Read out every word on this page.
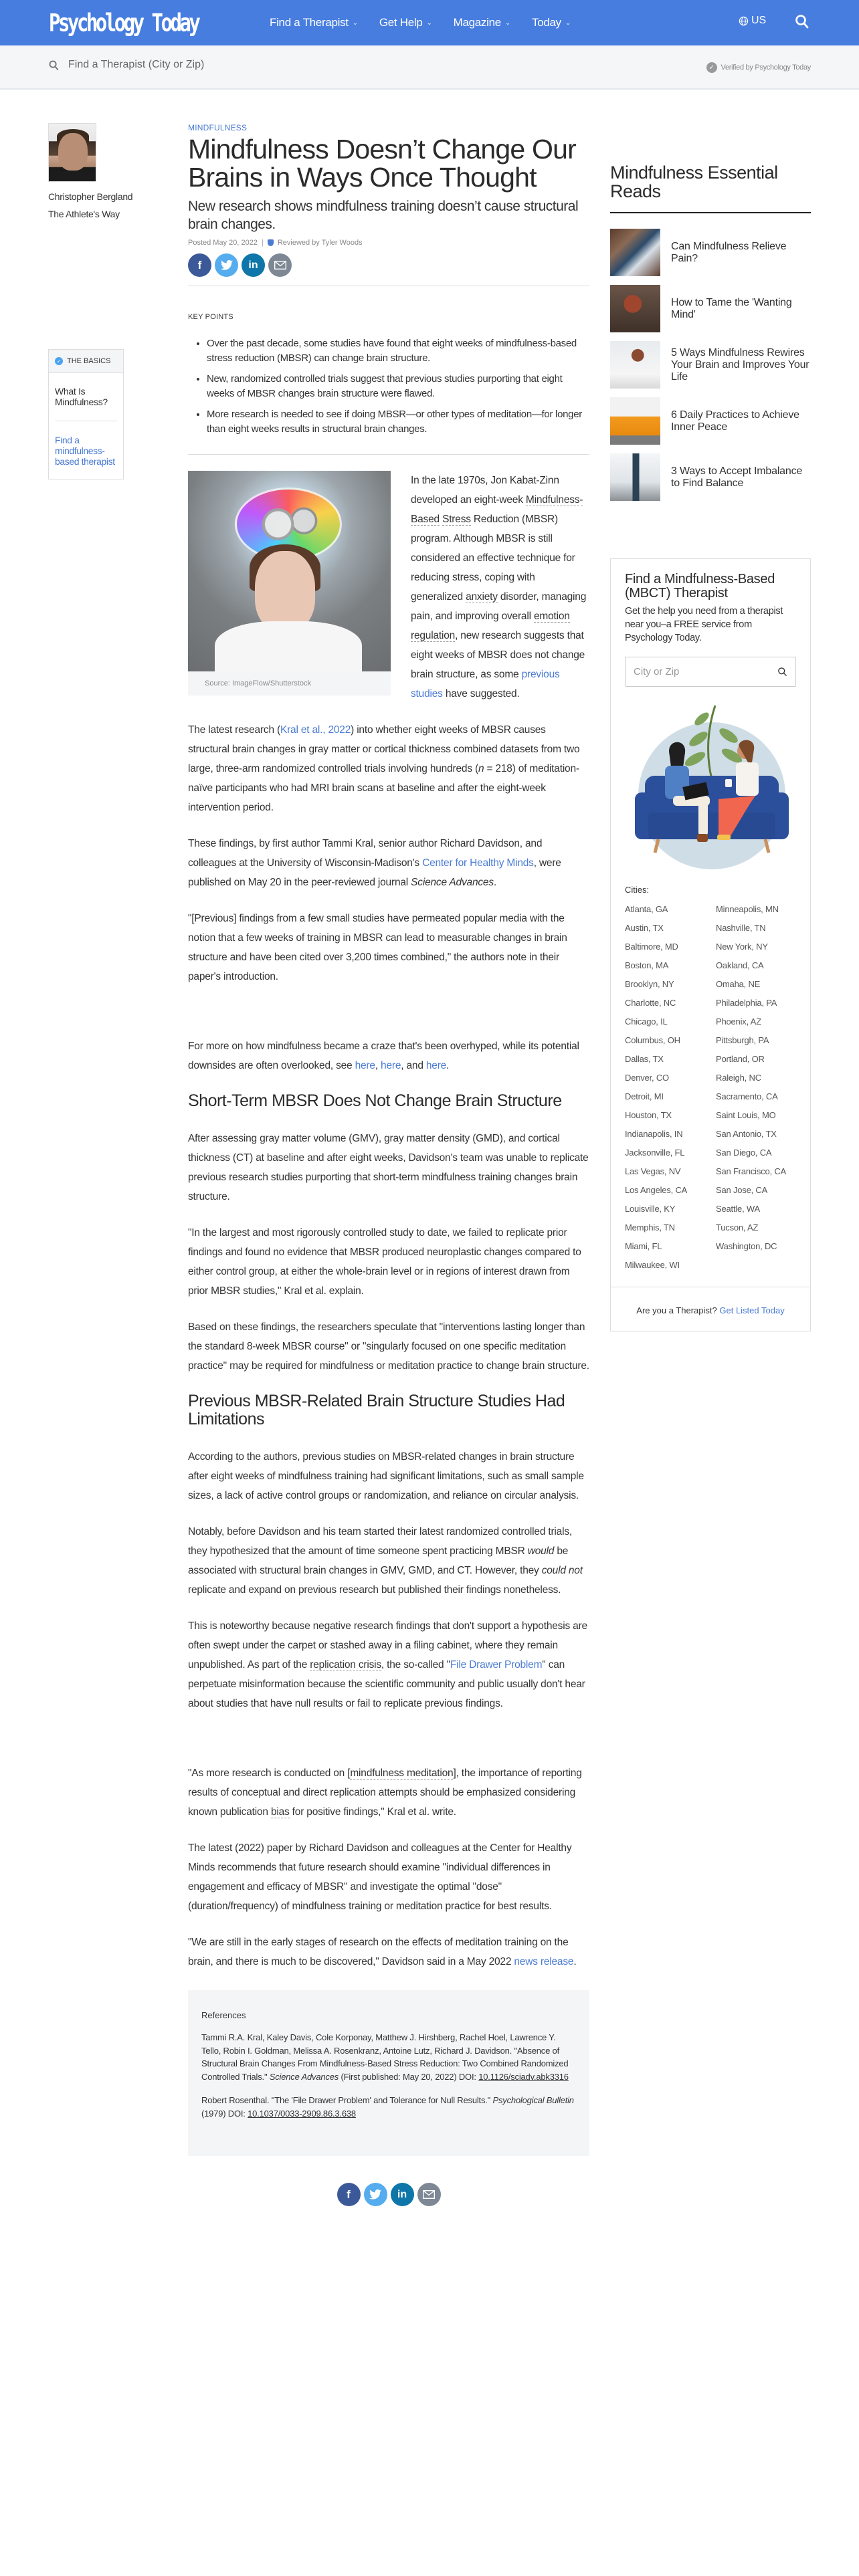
Psychology Today	Find a Therapist ⌄ Get Help ⌄ Magazine ⌄ Today ⌄	US
Find a Therapist (City or Zip)	✓ Verified by Psychology Today
Christopher Bergland
The Athlete's Way
✓ THE BASICS
What Is Mindfulness?
Find a mindfulness-based therapist
MINDFULNESS
Mindfulness Doesn’t Change Our Brains in Ways Once Thought
New research shows mindfulness training doesn’t cause structural brain changes.
Posted May 20, 2022 | Reviewed by Tyler Woods
f	in
KEY POINTS
• Over the past decade, some studies have found that eight weeks of mindfulness-based stress reduction (MBSR) can change brain structure.
• New, randomized controlled trials suggest that previous studies purporting that eight weeks of MBSR changes brain structure were flawed.
• More research is needed to see if doing MBSR—or other types of meditation—for longer than eight weeks results in structural brain changes.
Source: ImageFlow/Shutterstock

In the late 1970s, Jon Kabat-Zinn developed an eight-week Mindfulness-Based Stress Reduction (MBSR) program. Although MBSR is still considered an effective technique for reducing stress, coping with generalized anxiety disorder, managing pain, and improving overall emotion regulation, new research suggests that eight weeks of MBSR does not change brain structure, as some previous studies have suggested.

The latest research (Kral et al., 2022) into whether eight weeks of MBSR causes structural brain changes in gray matter or cortical thickness combined datasets from two large, three-arm randomized controlled trials involving hundreds (n = 218) of meditation-naïve participants who had MRI brain scans at baseline and after the eight-week intervention period.

These findings, by first author Tammi Kral, senior author Richard Davidson, and colleagues at the University of Wisconsin-Madison's Center for Healthy Minds, were published on May 20 in the peer-reviewed journal Science Advances.

"[Previous] findings from a few small studies have permeated popular media with the notion that a few weeks of training in MBSR can lead to measurable changes in brain structure and have been cited over 3,200 times combined," the authors note in their paper's introduction.

For more on how mindfulness became a craze that's been overhyped, while its potential downsides are often overlooked, see here, here, and here.

Short-Term MBSR Does Not Change Brain Structure

After assessing gray matter volume (GMV), gray matter density (GMD), and cortical thickness (CT) at baseline and after eight weeks, Davidson's team was unable to replicate previous research studies purporting that short-term mindfulness training changes brain structure.

"In the largest and most rigorously controlled study to date, we failed to replicate prior findings and found no evidence that MBSR produced neuroplastic changes compared to either control group, at either the whole-brain level or in regions of interest drawn from prior MBSR studies," Kral et al. explain.

Based on these findings, the researchers speculate that "interventions lasting longer than the standard 8-week MBSR course" or "singularly focused on one specific meditation practice" may be required for mindfulness or meditation practice to change brain structure.

Previous MBSR-Related Brain Structure Studies Had Limitations

According to the authors, previous studies on MBSR-related changes in brain structure after eight weeks of mindfulness training had significant limitations, such as small sample sizes, a lack of active control groups or randomization, and reliance on circular analysis.

Notably, before Davidson and his team started their latest randomized controlled trials, they hypothesized that the amount of time someone spent practicing MBSR would be associated with structural brain changes in GMV, GMD, and CT. However, they could not replicate and expand on previous research but published their findings nonetheless.

This is noteworthy because negative research findings that don't support a hypothesis are often swept under the carpet or stashed away in a filing cabinet, where they remain unpublished. As part of the replication crisis, the so-called "File Drawer Problem" can perpetuate misinformation because the scientific community and public usually don't hear about studies that have null results or fail to replicate previous findings.

"As more research is conducted on [mindfulness meditation], the importance of reporting results of conceptual and direct replication attempts should be emphasized considering known publication bias for positive findings," Kral et al. write.

The latest (2022) paper by Richard Davidson and colleagues at the Center for Healthy Minds recommends that future research should examine "individual differences in engagement and efficacy of MBSR" and investigate the optimal "dose" (duration/frequency) of mindfulness training or meditation practice for best results.

"We are still in the early stages of research on the effects of meditation training on the brain, and there is much to be discovered," Davidson said in a May 2022 news release.

References
Tammi R.A. Kral, Kaley Davis, Cole Korponay, Matthew J. Hirshberg, Rachel Hoel, Lawrence Y. Tello, Robin I. Goldman, Melissa A. Rosenkranz, Antoine Lutz, Richard J. Davidson. "Absence of Structural Brain Changes From Mindfulness-Based Stress Reduction: Two Combined Randomized Controlled Trials." Science Advances (First published: May 20, 2022) DOI: 10.1126/sciadv.abk3316
Robert Rosenthal. "The 'File Drawer Problem' and Tolerance for Null Results." Psychological Bulletin (1979) DOI: 10.1037/0033-2909.86.3.638
f	in
Mindfulness Essential Reads
Can Mindfulness Relieve Pain?
How to Tame the 'Wanting Mind'
5 Ways Mindfulness Rewires Your Brain and Improves Your Life
6 Daily Practices to Achieve Inner Peace
3 Ways to Accept Imbalance to Find Balance
Find a Mindfulness-Based (MBCT) Therapist
Get the help you need from a therapist near you–a FREE service from Psychology Today.
City or Zip
Cities:
Atlanta, GA
Austin, TX
Baltimore, MD
Boston, MA
Brooklyn, NY
Charlotte, NC
Chicago, IL
Columbus, OH
Dallas, TX
Denver, CO
Detroit, MI
Houston, TX
Indianapolis, IN
Jacksonville, FL
Las Vegas, NV
Los Angeles, CA
Louisville, KY
Memphis, TN
Miami, FL
Milwaukee, WI
Minneapolis, MN
Nashville, TN
New York, NY
Oakland, CA
Omaha, NE
Philadelphia, PA
Phoenix, AZ
Pittsburgh, PA
Portland, OR
Raleigh, NC
Sacramento, CA
Saint Louis, MO
San Antonio, TX
San Diego, CA
San Francisco, CA
San Jose, CA
Seattle, WA
Tucson, AZ
Washington, DC
Are you a Therapist? Get Listed Today
